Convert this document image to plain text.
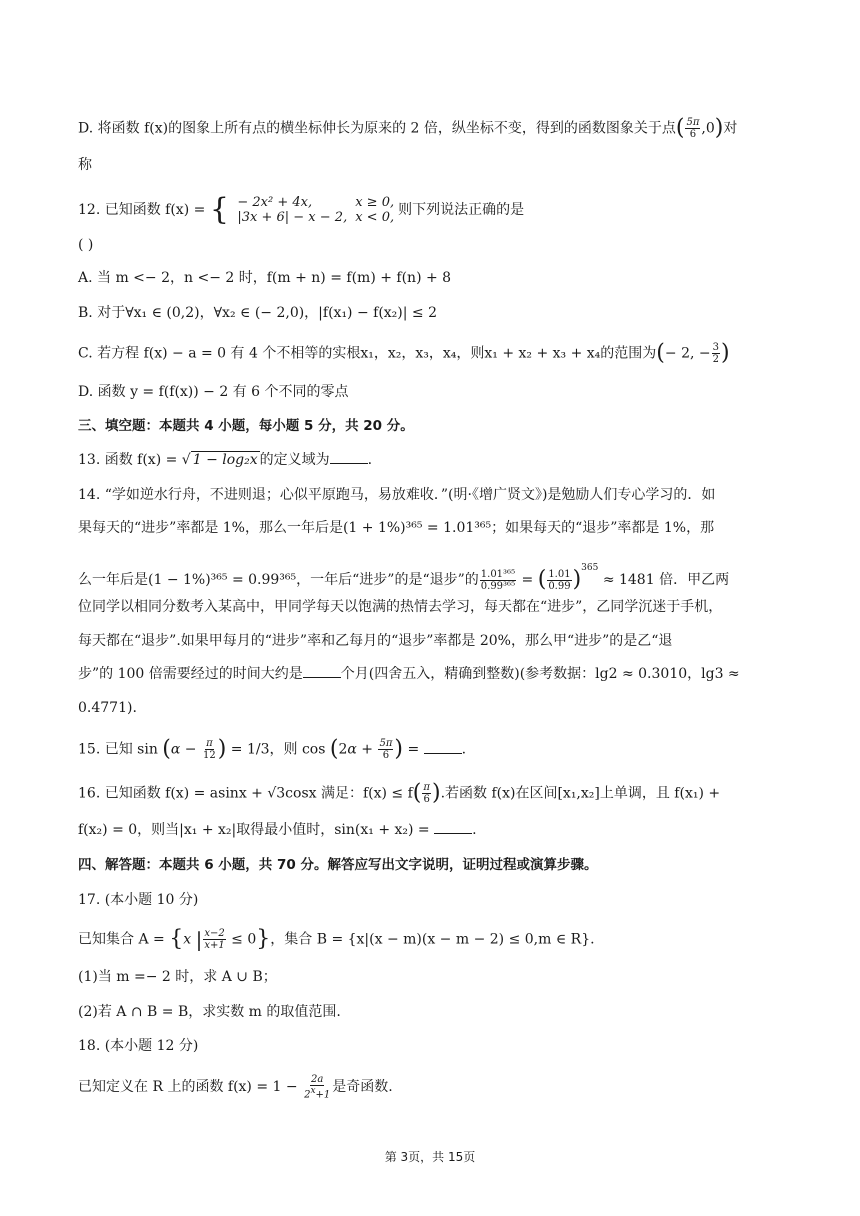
D. 将函数 f(x)的图象上所有点的横坐标伸长为原来的 2 倍，纵坐标不变，得到的函数图象关于点( $\frac{5\pi}{6} ,0$)对
称
12. 已知函数 f(x) = { − 2x² + 4x,	x ≥ 0,
|3x + 6| − x − 2,	x < 0, 则下列说法正确的是
( )
A. 当 m <− 2，n <− 2 时，f(m + n) = f(m) + f(n) + 8
B. 对于∀x₁ ∈ (0,2)，∀x₂ ∈ (− 2,0)，|f(x₁) − f(x₂)| ≤ 2
C. 若方程 f(x) − a = 0 有 4 个不相等的实根x₁，x₂，x₃，x₄，则x₁ + x₂ + x₃ + x₄的范围为(− 2, − $\frac{3}{2}$ )
D. 函数 y = f(f(x)) − 2 有 6 个不同的零点
三、填空题：本题共 4 小题，每小题 5 分，共 20 分。
13. 函数 f(x) = √ 1 − log₂x 的定义域为	.
14. “学如逆水行舟，不进则退；心似平原跑马，易放难收．”(明·《增广贤文》)是勉励人们专心学习的．如
果每天的“进步”率都是 1%，那么一年后是(1 + 1%)³⁶⁵ = 1.01³⁶⁵；如果每天的“退步”率都是 1%，那
么一年后是(1 − 1%)³⁶⁵ = 0.99³⁶⁵，一年后“进步”的是“退步”的 $\frac{\text{1.01³⁶⁵}}{\text{0.99³⁶⁵}}$ = ( $\frac{1.01}{0.99} )^{365} \approx 1481$ 倍．甲乙两
位同学以相同分数考入某高中，甲同学每天以饱满的热情去学习，每天都在“进步”，乙同学沉迷于手机，
每天都在“退步”.如果甲每月的“进步”率和乙每月的“退步”率都是 20%，那么甲“进步”的是乙“退
步”的 100 倍需要经过的时间大约是	个月(四舍五入，精确到整数)(参考数据：lg2 ≈ 0.3010，lg3 ≈
0.4771).
15. 已知 $\sin (\alpha - \frac{\pi}{12}$ ) = 1/3，则 $\cos (2\alpha + \frac{5\pi}{6}$ ) =	.
16. 已知函数 f(x) = asinx + √3cosx 满足：$f(x) \le f( \frac{\pi}{6}$ ).若函数 f(x)在区间[x₁,x₂]上单调，且 f(x₁) +
f(x₂) = 0，则当|x₁ + x₂|取得最小值时，sin(x₁ + x₂) =	.
四、解答题：本题共 6 小题，共 70 分。解答应写出文字说明，证明过程或演算步骤。
17. (本小题 10 分)
已知集合 A = {x | $\frac{x-2}{x+1} \le 0$}，集合 B = {x|(x − m)(x − m − 2) ≤ 0,m ∈ R}.
(1)当 m =− 2 时，求 A ∪ B；
(2)若 A ∩ B = B，求实数 m 的取值范围.
18. (本小题 12 分)
已知定义在 R 上的函数 $f(x) = 1 - \frac{2a}{2^x+1}$ 是奇函数.
第 3页，共 15页
